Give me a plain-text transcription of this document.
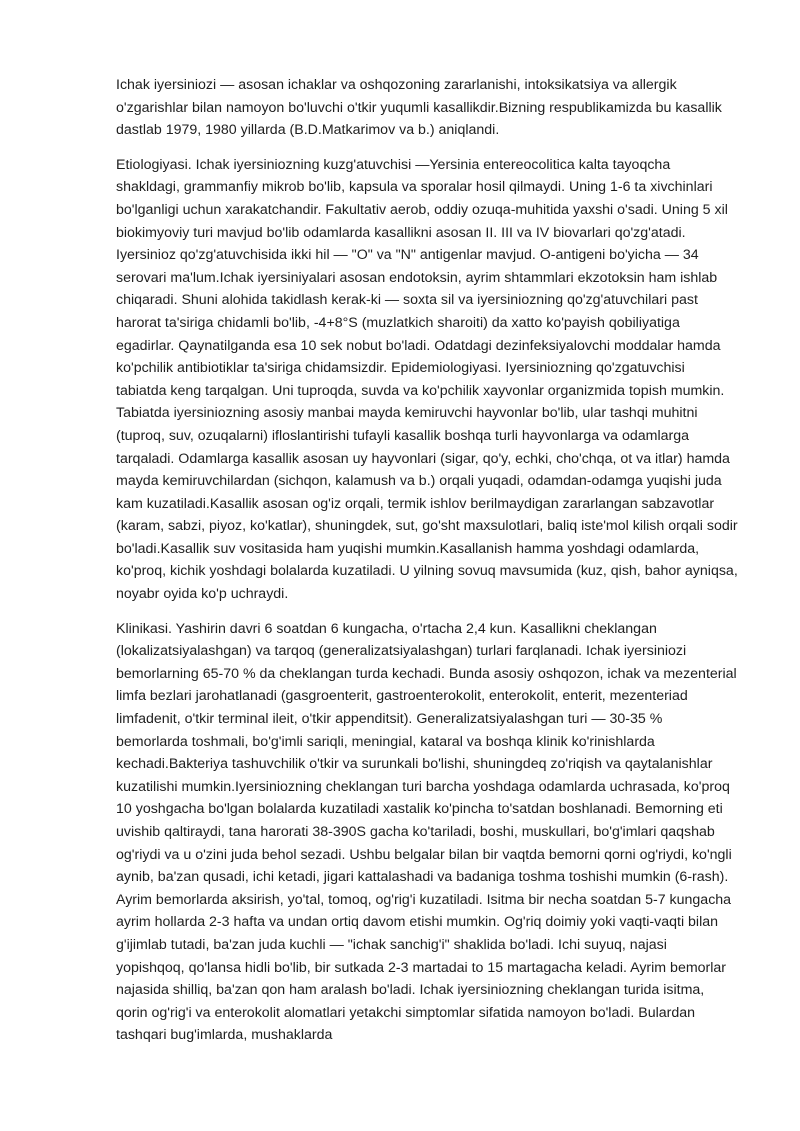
Ichak iyersiniozi — asosan ichaklar va oshqozoning zararlanishi, intoksikatsiya va allergik o'zgarishlar bilan namoyon bo'luvchi o'tkir yuqumli kasallikdir.Bizning respublikamizda bu kasallik dastlab 1979, 1980 yillarda (B.D.Matkarimov va b.) aniqlandi.

Etiologiyasi. Ichak iyersiniozning kuzg'atuvchisi —Yersinia entereocolitica kalta tayoqcha shakldagi, grammanfiy mikrob bo'lib, kapsula va sporalar hosil qilmaydi. Uning 1-6 ta xivchinlari bo'lganligi uchun xarakatchandir. Fakultativ aerob, oddiy ozuqa-muhitida yaxshi o'sadi. Uning 5 xil biokimyoviy turi mavjud bo'lib odamlarda kasallikni asosan II. III va IV biovarlari qo'zg'atadi. Iyersinioz qo'zg'atuvchisida ikki hil — "O" va "N" antigenlar mavjud. O-antigeni bo'yicha — 34 serovari ma'lum.Ichak iyersiniyalari asosan endotoksin, ayrim shtammlari ekzotoksin ham ishlab chiqaradi. Shuni alohida takidlash kerak-ki — soxta sil va iyersiniozning qo'zg'atuvchilari past harorat ta'siriga chidamli bo'lib, -4+8°S (muzlatkich sharoiti) da xatto ko'payish qobiliyatiga egadirlar. Qaynatilganda esa 10 sek nobut bo'ladi. Odatdagi dezinfeksiyalovchi moddalar hamda ko'pchilik antibiotiklar ta'siriga chidamsizdir. Epidemiologiyasi. Iyersiniozning qo'zgatuvchisi tabiatda keng tarqalgan. Uni tuproqda, suvda va ko'pchilik xayvonlar organizmida topish mumkin. Tabiatda iyersiniozning asosiy manbai mayda kemiruvchi hayvonlar bo'lib, ular tashqi muhitni (tuproq, suv, ozuqalarni) ifloslantirishi tufayli kasallik boshqa turli hayvonlarga va odamlarga tarqaladi. Odamlarga kasallik asosan uy hayvonlari (sigar, qo'y, echki, cho'chqa, ot va itlar) hamda mayda kemiruvchilardan (sichqon, kalamush va b.) orqali yuqadi, odamdan-odamga yuqishi juda kam kuzatiladi.Kasallik asosan og'iz orqali, termik ishlov berilmaydigan zararlangan sabzavotlar (karam, sabzi, piyoz, ko'katlar), shuningdek, sut, go'sht maxsulotlari, baliq iste'mol kilish orqali sodir bo'ladi.Kasallik suv vositasida ham yuqishi mumkin.Kasallanish hamma yoshdagi odamlarda, ko'proq, kichik yoshdagi bolalarda kuzatiladi. U yilning sovuq mavsumida (kuz, qish, bahor ayniqsa, noyabr oyida ko'p uchraydi.

Klinikasi. Yashirin davri 6 soatdan 6 kungacha, o'rtacha 2,4 kun. Kasallikni cheklangan (lokalizatsiyalashgan) va tarqoq (generalizatsiyalashgan) turlari farqlanadi. Ichak iyersiniozi bemorlarning 65-70 % da cheklangan turda kechadi. Bunda asosiy oshqozon, ichak va mezenterial limfa bezlari jarohatlanadi (gasgroenterit, gastroenterokolit, enterokolit, enterit, mezenteriad limfadenit, o'tkir terminal ileit, o'tkir appenditsit). Generalizatsiyalashgan turi — 30-35 % bemorlarda toshmali, bo'g'imli sariqli, meningial, kataral va boshqa klinik ko'rinishlarda kechadi.Bakteriya tashuvchilik o'tkir va surunkali bo'lishi, shuningdeq zo'riqish va qaytalanishlar kuzatilishi mumkin.Iyersiniozning cheklangan turi barcha yoshdaga odamlarda uchrasada, ko'proq 10 yoshgacha bo'lgan bolalarda kuzatiladi xastalik ko'pincha to'satdan boshlanadi. Bemorning eti uvishib qaltiraydi, tana harorati 38-390S gacha ko'tariladi, boshi, muskullari, bo'g'imlari qaqshab og'riydi va u o'zini juda behol sezadi. Ushbu belgalar bilan bir vaqtda bemorni qorni og'riydi, ko'ngli aynib, ba'zan qusadi, ichi ketadi, jigari kattalashadi va badaniga toshma toshishi mumkin (6-rash). Ayrim bemorlarda aksirish, yo'tal, tomoq, og'rig'i kuzatiladi. Isitma bir necha soatdan 5-7 kungacha ayrim hollarda 2-3 hafta va undan ortiq davom etishi mumkin. Og'riq doimiy yoki vaqti-vaqti bilan g'ijimlab tutadi, ba'zan juda kuchli — "ichak sanchig'i" shaklida bo'ladi. Ichi suyuq, najasi yopishqoq, qo'lansa hidli bo'lib, bir sutkada 2-3 martadai to 15 martagacha keladi. Ayrim bemorlar najasida shilliq, ba'zan qon ham aralash bo'ladi. Ichak iyersiniozning cheklangan turida isitma, qorin og'rig'i va enterokolit alomatlari yetakchi simptomlar sifatida namoyon bo'ladi. Bulardan tashqari bug'imlarda, mushaklarda
